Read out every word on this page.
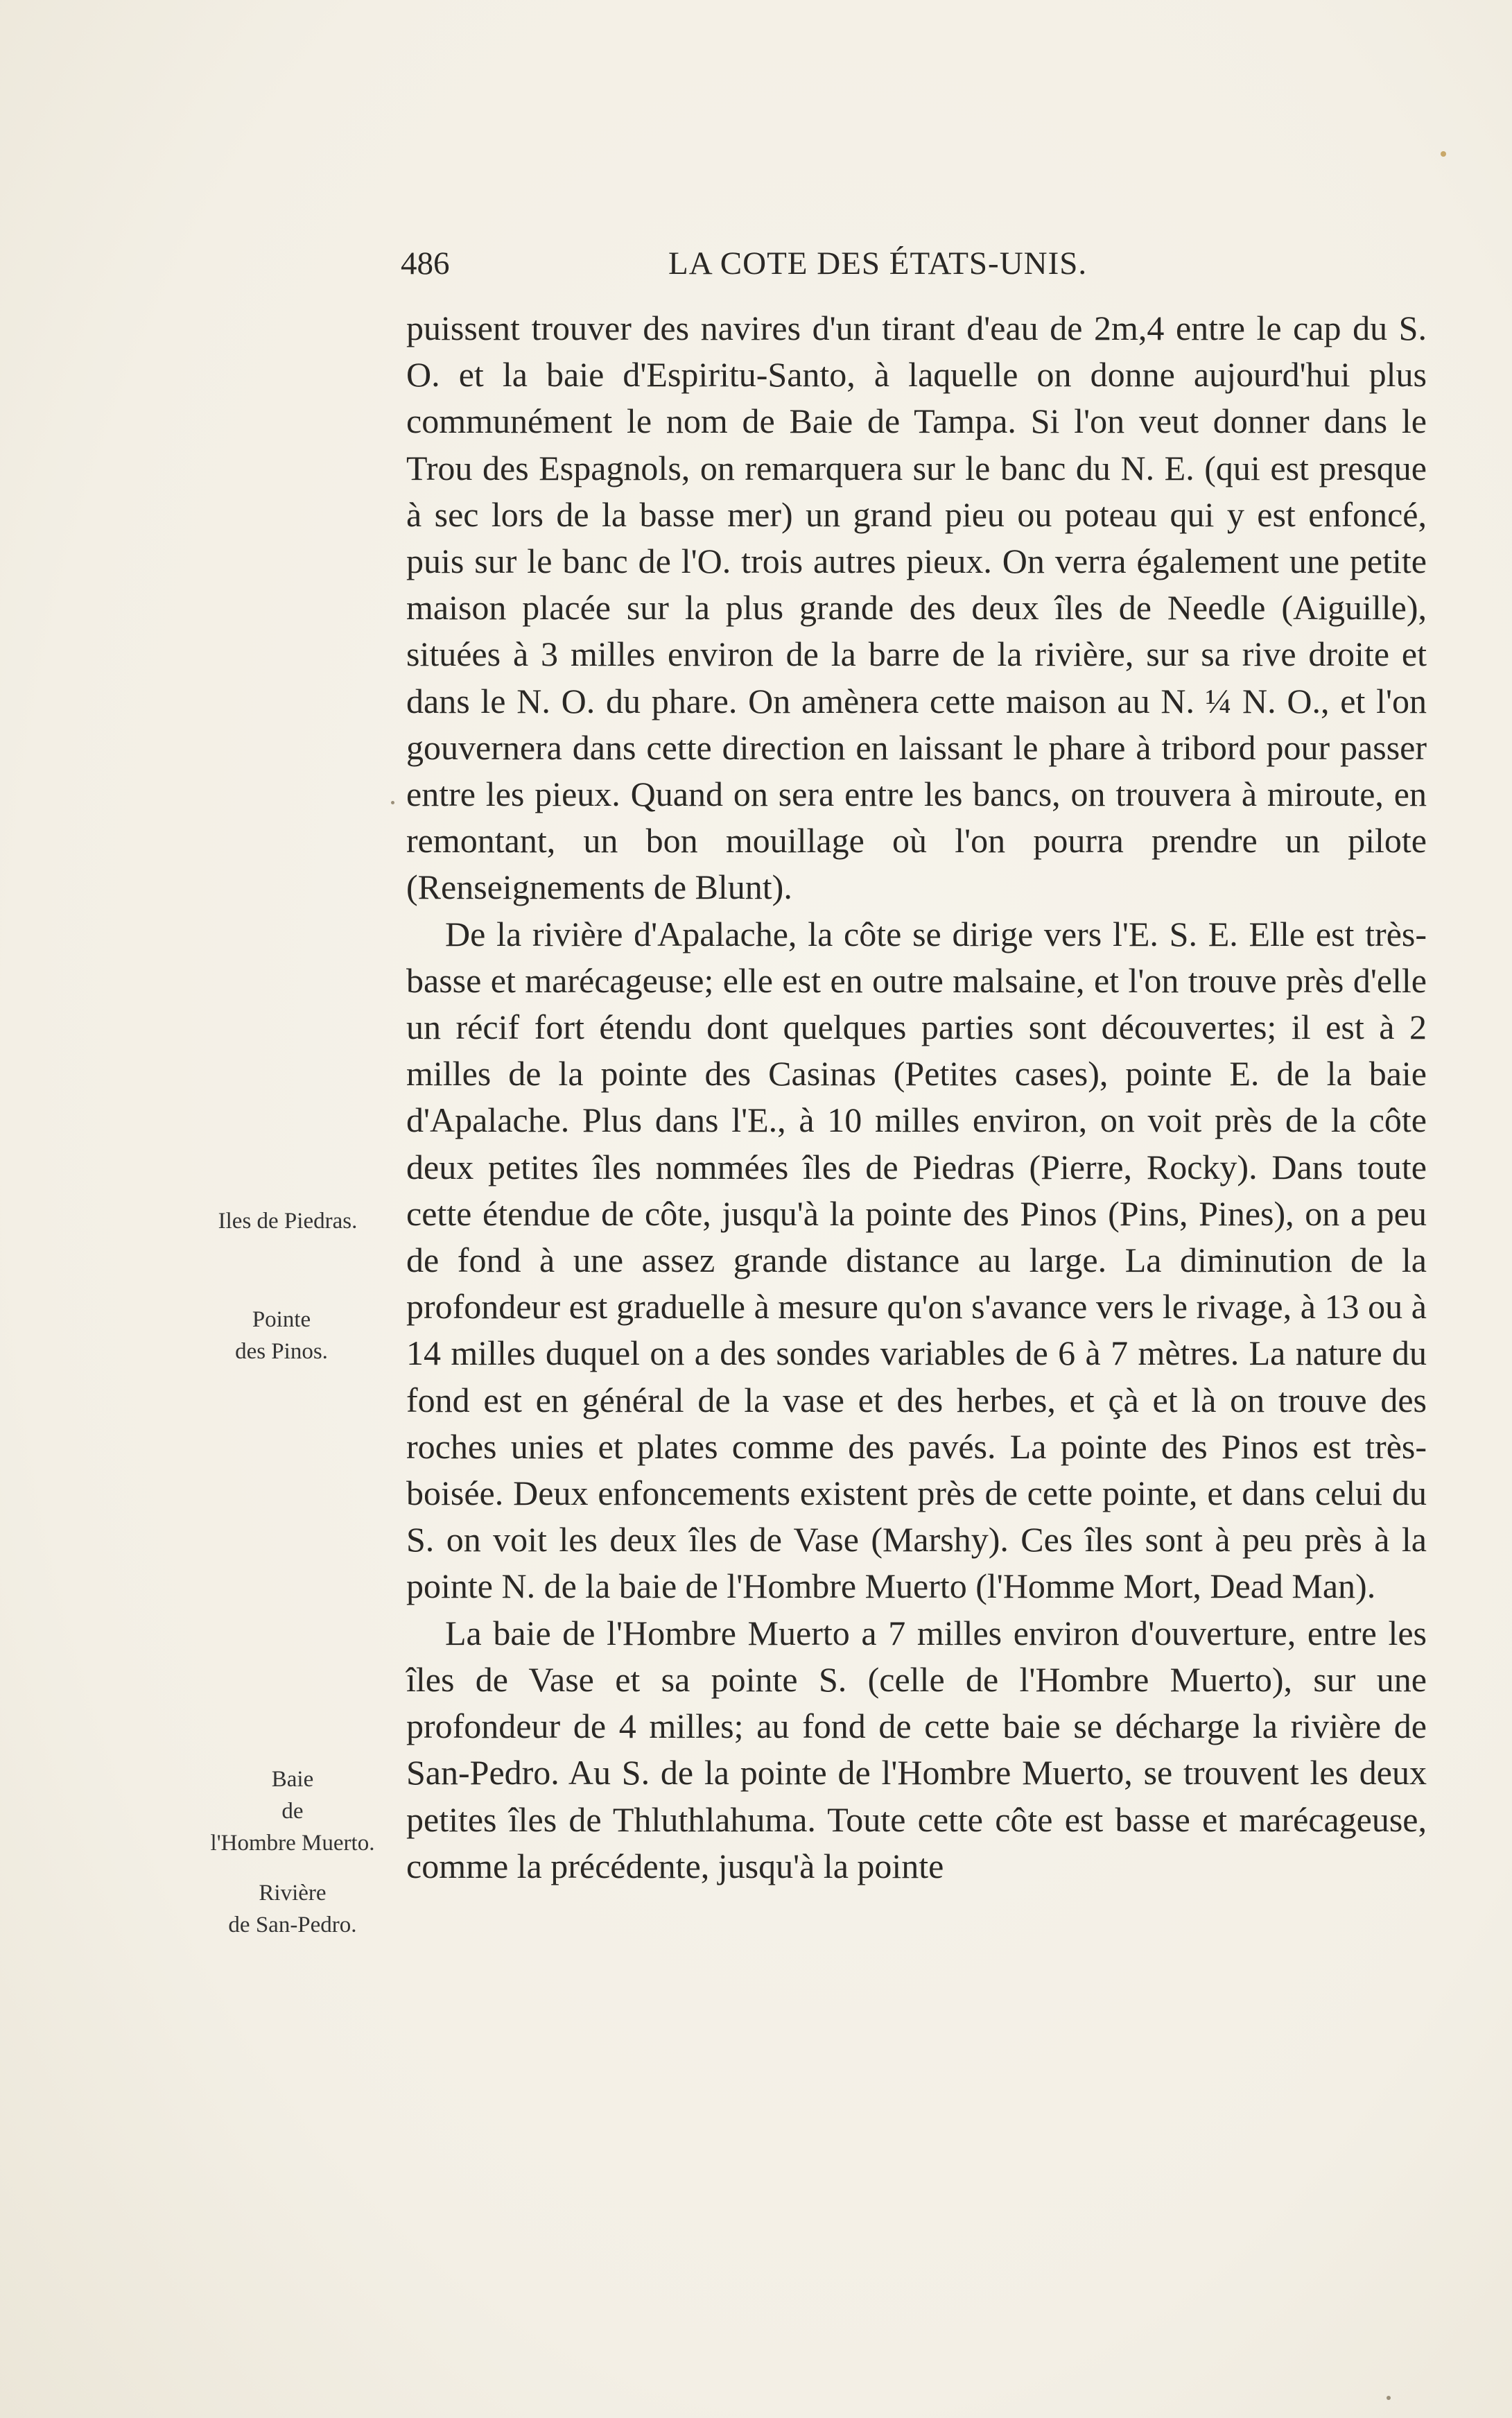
486	LA COTE DES ÉTATS-UNIS.
Iles de Piedras.
Pointe
des Pinos.
Baie
de
l'Hombre Muerto.
Rivière
de San-Pedro.

puissent trouver des navires d'un tirant d'eau de 2m,4 entre le cap du S. O. et la baie d'Espiritu-Santo, à laquelle on donne aujourd'hui plus communément le nom de Baie de Tampa. Si l'on veut donner dans le Trou des Espagnols, on remarquera sur le banc du N. E. (qui est presque à sec lors de la basse mer) un grand pieu ou poteau qui y est enfoncé, puis sur le banc de l'O. trois autres pieux. On verra également une petite maison placée sur la plus grande des deux îles de Needle (Aiguille), situées à 3 milles environ de la barre de la rivière, sur sa rive droite et dans le N. O. du phare. On amènera cette maison au N. ¼ N. O., et l'on gouvernera dans cette direction en laissant le phare à tribord pour passer entre les pieux. Quand on sera entre les bancs, on trouvera à miroute, en remontant, un bon mouillage où l'on pourra prendre un pilote (Renseignements de Blunt).

De la rivière d'Apalache, la côte se dirige vers l'E. S. E. Elle est très-basse et marécageuse; elle est en outre malsaine, et l'on trouve près d'elle un récif fort étendu dont quelques parties sont découvertes; il est à 2 milles de la pointe des Casinas (Petites cases), pointe E. de la baie d'Apalache. Plus dans l'E., à 10 milles environ, on voit près de la côte deux petites îles nommées îles de Piedras (Pierre, Rocky). Dans toute cette étendue de côte, jusqu'à la pointe des Pinos (Pins, Pines), on a peu de fond à une assez grande distance au large. La diminution de la profondeur est graduelle à mesure qu'on s'avance vers le rivage, à 13 ou à 14 milles duquel on a des sondes variables de 6 à 7 mètres. La nature du fond est en général de la vase et des herbes, et çà et là on trouve des roches unies et plates comme des pavés. La pointe des Pinos est très-boisée. Deux enfoncements existent près de cette pointe, et dans celui du S. on voit les deux îles de Vase (Marshy). Ces îles sont à peu près à la pointe N. de la baie de l'Hombre Muerto (l'Homme Mort, Dead Man).

La baie de l'Hombre Muerto a 7 milles environ d'ouverture, entre les îles de Vase et sa pointe S. (celle de l'Hombre Muerto), sur une profondeur de 4 milles; au fond de cette baie se décharge la rivière de San-Pedro. Au S. de la pointe de l'Hombre Muerto, se trouvent les deux petites îles de Thluthlahuma. Toute cette côte est basse et marécageuse, comme la précédente, jusqu'à la pointe
